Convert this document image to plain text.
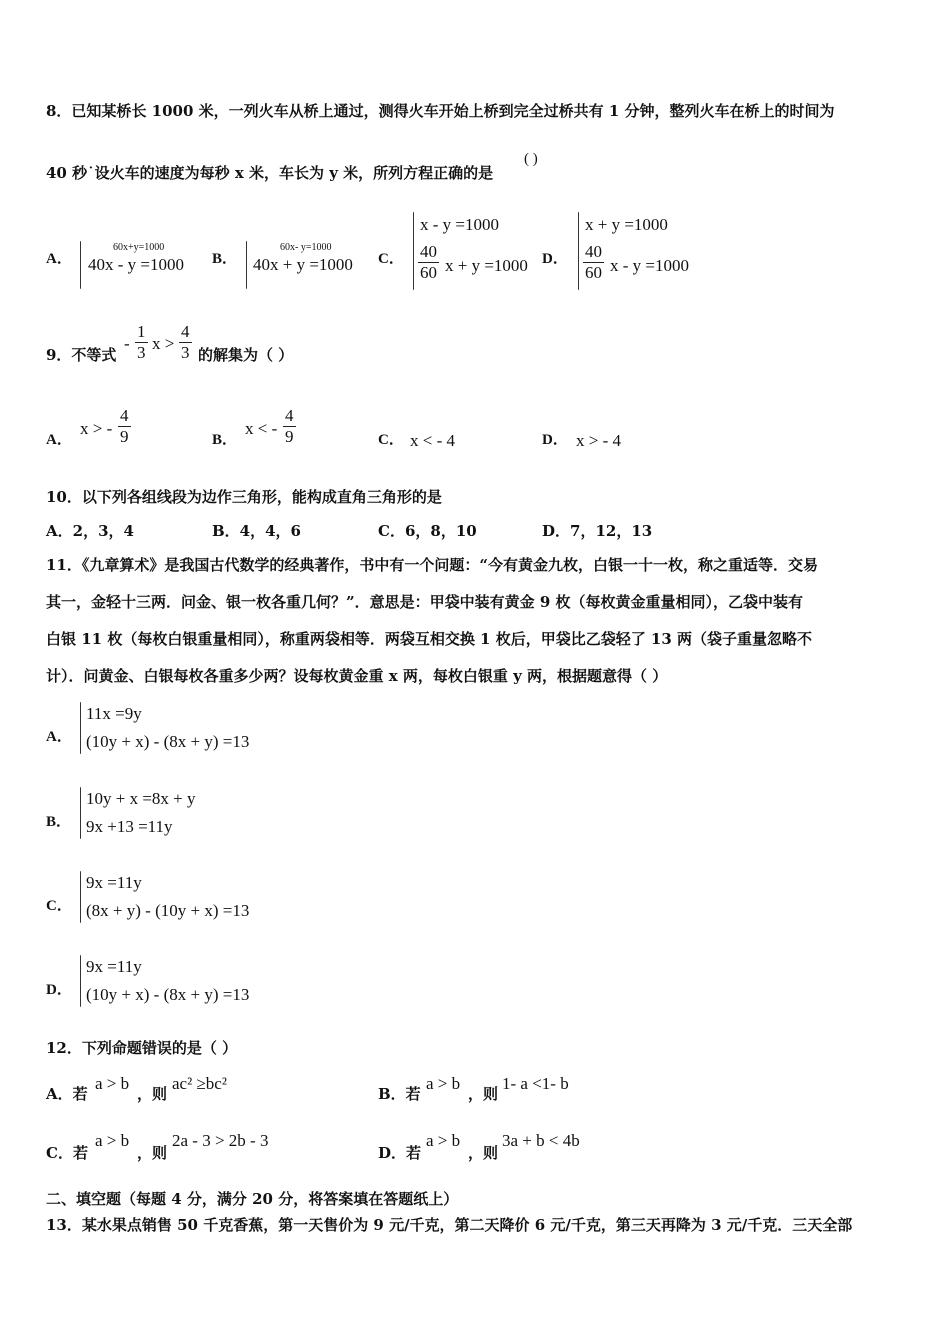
8．已知某桥长 1000 米，一列火车从桥上通过，测得火车开始上桥到完全过桥共有 1 分钟，整列火车在桥上的时间为
40 秒˙设火车的速度为每秒 x 米，车长为 y 米，所列方程正确的是
( )
A．
60x+y=1000
40x - y =1000 B．
60x- y=1000
40x + y =1000 C．
x - y =1000
$\frac{40}{60}$ x + y =1000 D．
x + y =1000
$\frac{40}{60}$ x - y =1000
9．不等式
- $\frac{1}{3}$ $x > \frac{4}{3}$ 的解集为（ ）
A．
x > - $\frac{4}{9}$	B．
x < - $\frac{4}{9}$	C． x < - 4	D． x > - 4
10．以下列各组线段为边作三角形，能构成直角三角形的是
A．2，3，4	B．4，4，6	C．6，8，10	D．7，12，13
11．《九章算术》是我国古代数学的经典著作，书中有一个问题：“今有黄金九枚，白银一十一枚，称之重适等．交易
其一，金轻十三两．问金、银一枚各重几何？”．意思是：甲袋中装有黄金 9 枚（每枚黄金重量相同），乙袋中装有
白银 11 枚（每枚白银重量相同），称重两袋相等．两袋互相交换 1 枚后，甲袋比乙袋轻了 13 两（袋子重量忽略不
计）．问黄金、白银每枚各重多少两？设每枚黄金重 x 两，每枚白银重 y 两，根据题意得（ ）
A．
11x =9y
(10y + x) - (8x + y) =13
B．
10y + x =8x + y
9x +13 =11y
C．
9x =11y
(8x + y) - (10y + x) =13
D．
9x =11y
(10y + x) - (8x + y) =13
12．下列命题错误的是（ ）
A．若
a > b
，则
ac² ≥bc²
B．若
a > b
，则
1- a <1- b
C．若
a > b
，则
2a - 3 > 2b - 3
D．若
a > b
，则
3a + b < 4b
二、填空题（每题 4 分，满分 20 分，将答案填在答题纸上）
13．某水果点销售 50 千克香蕉，第一天售价为 9 元/千克，第二天降价 6 元/千克，第三天再降为 3 元/千克．三天全部
